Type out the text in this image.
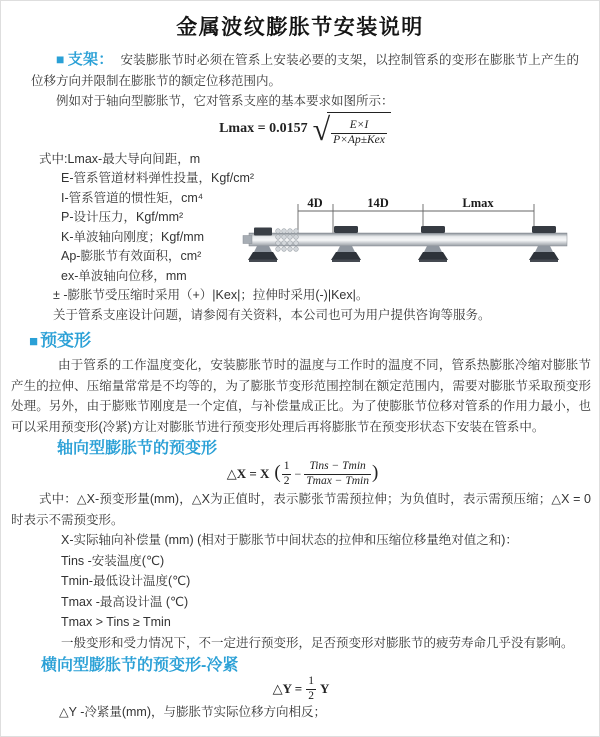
金属波纹膨胀节安装说明

■ 支架： 安装膨胀节时必须在管系上安装必要的支架，以控制管系的变形在膨胀节上产生的位移方向并限制在膨胀节的额定位移范围内。

例如对于轴向型膨胀节，它对管系支座的基本要求如图所示：

Lmax = 0.0157 √ $\frac{E\times I}{\text{P×Ap±Kex}}$
式中:Lmax-最大导向间距，m
E-管系管道材料弹性投量，Kgf/cm²
I-管系管道的惯性矩，cm⁴
P-设计压力，Kgf/mm²
K-单波轴向刚度；Kgf/mm
Ap-膨胀节有效面积，cm²
ex-单波轴向位移，mm
± -膨胀节受压缩时采用（+）|Kex|；拉伸时采用(-)|Kex|。
关于管系支座设计问题，请参阅有关资料，本公司也可为用户提供咨询等服务。
4D	14D	Lmax
■ 预变形

由于管系的工作温度变化，安装膨胀节时的温度与工作时的温度不同，管系热膨胀冷缩对膨胀节产生的拉伸、压缩量常常是不均等的，为了膨胀节变形范围控制在额定范围内，需要对膨胀节采取预变形处理。另外，由于膨账节刚度是一个定值，与补偿量成正比。为了使膨胀节位移对管系的作用力最小，也可以采用预变形(冷紧)方让对膨胀节进行预变形处理后再将膨胀节在预变形状态下安装在管系中。

轴向型膨胀节的预变形
△X = X ( $\frac{1}{2} - \frac{\text{Tins − Tmin}}{Tmax - Tmin}$ )

式中：△X-预变形量(mm)，△X为正值时，表示膨张节需预拉伸；为负值时，表示需预压缩；△X = 0时表示不需预变形。

X-实际轴向补偿量 (mm) (相对于膨胀节中间状态的拉伸和压缩位移量绝对值之和)：
Tins -安装温度(℃)
Tmin-最低设计温度(℃)
Tmax -最高设计温 (℃)
Tmax > Tins ≥ Tmin
一般变形和受力情况下，不一定进行预变形，足否预变形对膨胀节的疲劳寿命几乎没有影响。
横向型膨胀节的预变形-冷紧
△Y = $\frac{1}{2}$ Y

△Y -冷紧量(mm)，与膨胀节实际位移方向相反；
